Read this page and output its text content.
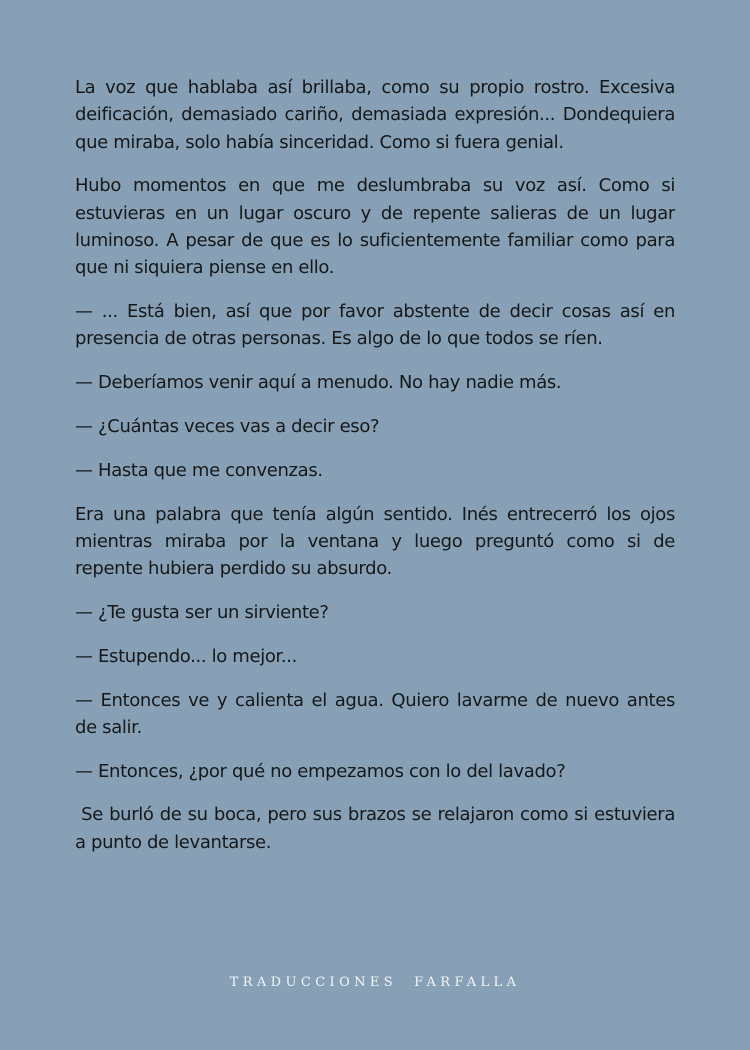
La voz que hablaba así brillaba, como su propio rostro. Excesiva deificación, demasiado cariño, demasiada expresión... Dondequiera que miraba, solo había sinceridad. Como si fuera genial.

Hubo momentos en que me deslumbraba su voz así. Como si estuvieras en un lugar oscuro y de repente salieras de un lugar luminoso. A pesar de que es lo suficientemente familiar como para que ni siquiera piense en ello.

— ... Está bien, así que por favor abstente de decir cosas así en presencia de otras personas. Es algo de lo que todos se ríen.

— Deberíamos venir aquí a menudo. No hay nadie más.

— ¿Cuántas veces vas a decir eso?

— Hasta que me convenzas.

Era una palabra que tenía algún sentido. Inés entrecerró los ojos mientras miraba por la ventana y luego preguntó como si de repente hubiera perdido su absurdo.

— ¿Te gusta ser un sirviente?

— Estupendo... lo mejor...

— Entonces ve y calienta el agua. Quiero lavarme de nuevo antes de salir.

— Entonces, ¿por qué no empezamos con lo del lavado?

Se burló de su boca, pero sus brazos se relajaron como si estuviera a punto de levantarse.

TRADUCCIONES  FARFALLA
